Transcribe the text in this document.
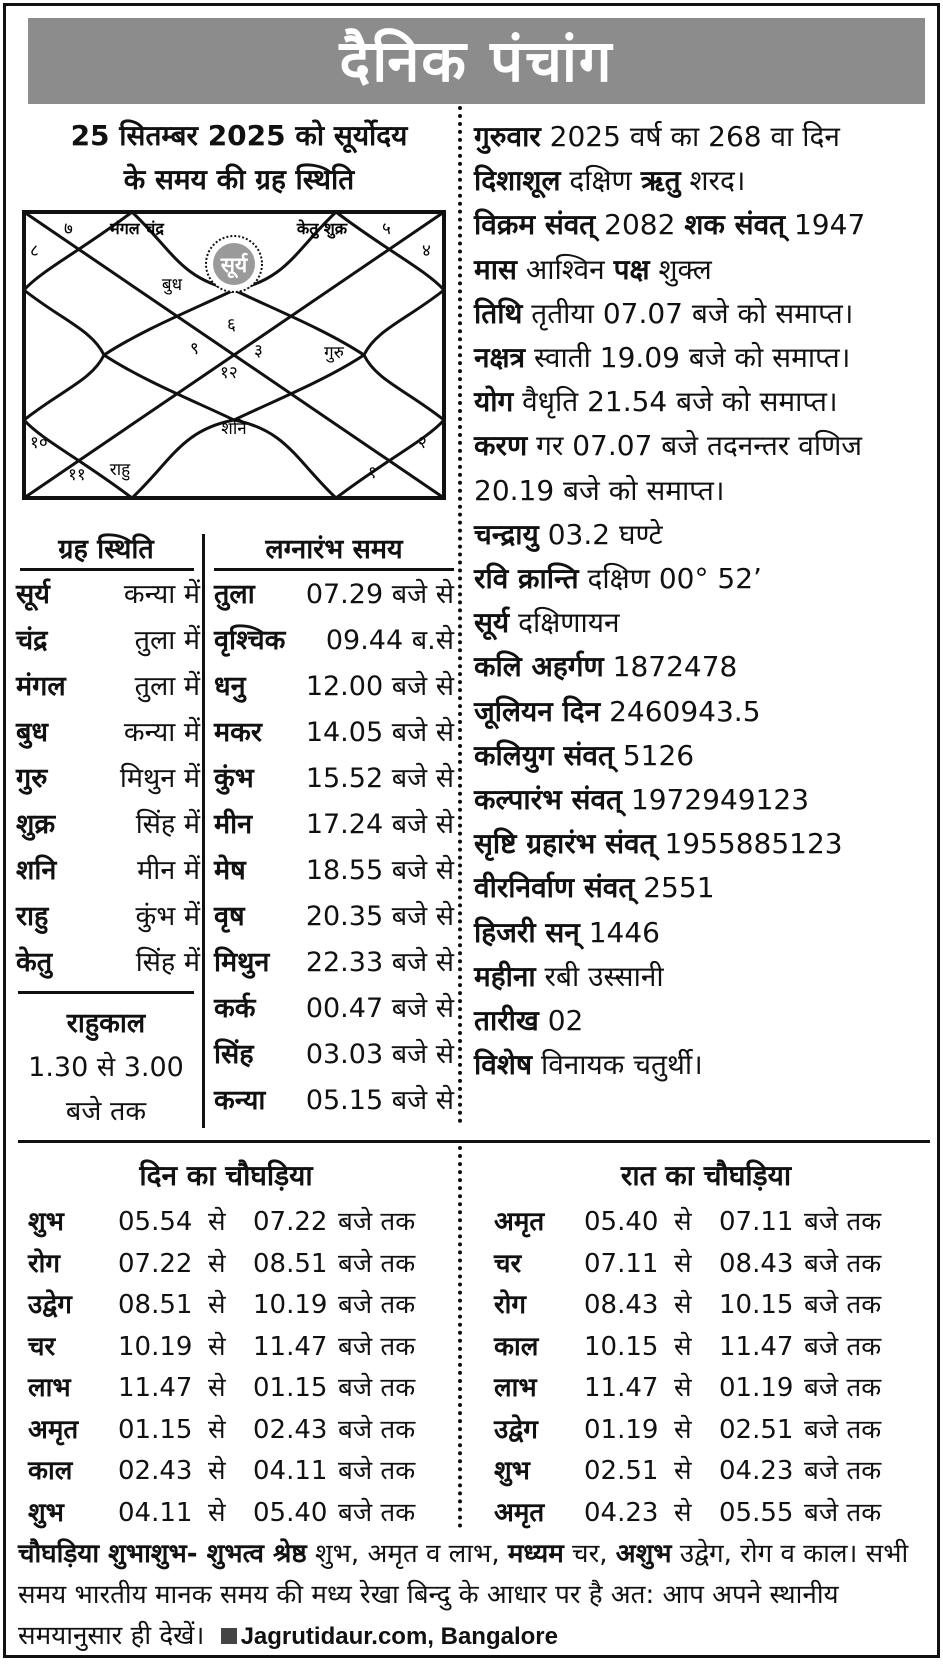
दैनिक पंचांग
25 सितम्बर 2025 को सूर्योदय
के समय की ग्रह स्थिति
सूर्य
मंगल चंद्र	केतु शुक्र
बुध
गुरु
शनि
राहु
७	५
८	४
६
९	३
१२
१०	२
११	१
गुरुवार 2025 वर्ष का 268 वा दिन
दिशाशूल दक्षिण ऋतु शरद।
विक्रम संवत् 2082 शक संवत् 1947
मास आश्विन पक्ष शुक्ल
तिथि तृतीया 07.07 बजे को समाप्त।
नक्षत्र स्वाती 19.09 बजे को समाप्त।
योग वैधृति 21.54 बजे को समाप्त।
करण गर 07.07 बजे तदनन्तर वणिज
20.19 बजे को समाप्त।
चन्द्रायु 03.2 घण्टे
रवि क्रान्ति दक्षिण 00° 52’
सूर्य दक्षिणायन
कलि अहर्गण 1872478
जूलियन दिन 2460943.5
कलियुग संवत् 5126
कल्पारंभ संवत् 1972949123
सृष्टि ग्रहारंभ संवत् 1955885123
वीरनिर्वाण संवत् 2551
हिजरी सन् 1446
महीना रबी उस्सानी
तारीख 02
विशेष विनायक चतुर्थी।
ग्रह स्थिति
सूर्य	कन्या में
चंद्र	तुला में
मंगल	तुला में
बुध	कन्या में
गुरु	मिथुन में
शुक्र	सिंह में
शनि	मीन में
राहु	कुंभ में
केतु	सिंह में
लग्नारंभ समय
तुला 07.29 बजे से
वृश्चिक 09.44 ब.से
धनु 12.00 बजे से
मकर 14.05 बजे से
कुंभ 15.52 बजे से
मीन 17.24 बजे से
मेष 18.55 बजे से
वृष 20.35 बजे से
मिथुन 22.33 बजे से
कर्क 00.47 बजे से
सिंह 03.03 बजे से
कन्या 05.15 बजे से
राहुकाल
1.30 से 3.00
बजे तक
दिन का चौघड़िया	रात का चौघड़िया
शुभ 05.54 से 07.22 बजे तक
रोग 07.22 से 08.51 बजे तक
उद्वेग 08.51 से 10.19 बजे तक
चर 10.19 से 11.47 बजे तक
लाभ 11.47 से 01.15 बजे तक
अमृत 01.15 से 02.43 बजे तक
काल 02.43 से 04.11 बजे तक
शुभ 04.11 से 05.40 बजे तक
अमृत 05.40 से 07.11 बजे तक
चर 07.11 से 08.43 बजे तक
रोग 08.43 से 10.15 बजे तक
काल 10.15 से 11.47 बजे तक
लाभ 11.47 से 01.19 बजे तक
उद्वेग 01.19 से 02.51 बजे तक
शुभ 02.51 से 04.23 बजे तक
अमृत 04.23 से 05.55 बजे तक
चौघड़िया शुभाशुभ- शुभत्व श्रेष्ठ शुभ, अमृत व लाभ, मध्यम चर, अशुभ उद्वेग, रोग व काल। सभी समय भारतीय मानक समय की मध्य रेखा बिन्दु के आधार पर है अत: आप अपने स्थानीय समयानुसार ही देखें। Jagrutidaur.com, Bangalore
